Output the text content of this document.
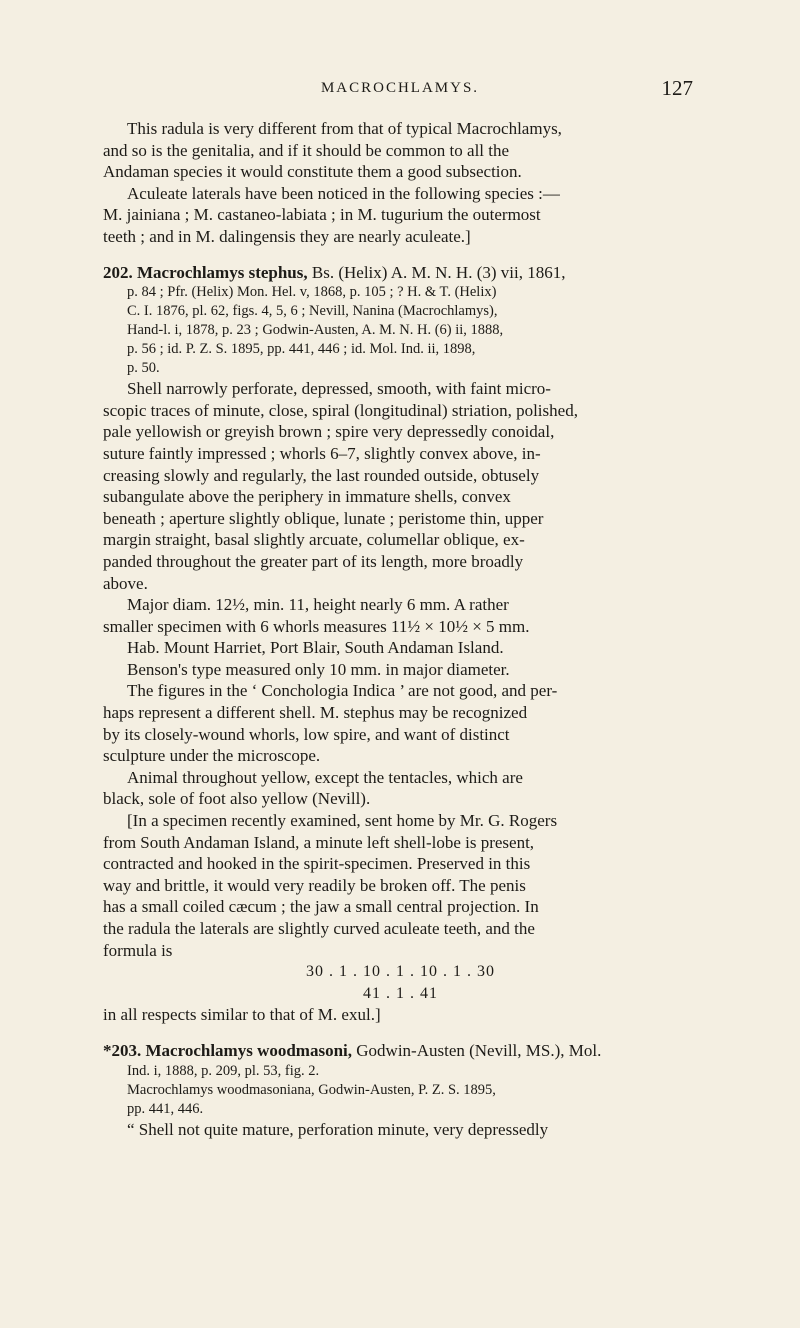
MACROCHLAMYS.	127
This radula is very different from that of typical Macrochlamys,
and so is the genitalia, and if it should be common to all the
Andaman species it would constitute them a good subsection.
Aculeate laterals have been noticed in the following species :—
M. jainiana ; M. castaneo-labiata ; in M. tugurium the outermost
teeth ; and in M. dalingensis they are nearly aculeate.]
202. Macrochlamys stephus, Bs. (Helix) A. M. N. H. (3) vii, 1861,
p. 84 ; Pfr. (Helix) Mon. Hel. v, 1868, p. 105 ; ? H. & T. (Helix)
C. I. 1876, pl. 62, figs. 4, 5, 6 ; Nevill, Nanina (Macrochlamys),
Hand-l. i, 1878, p. 23 ; Godwin-Austen, A. M. N. H. (6) ii, 1888,
p. 56 ; id. P. Z. S. 1895, pp. 441, 446 ; id. Mol. Ind. ii, 1898,
p. 50.
Shell narrowly perforate, depressed, smooth, with faint micro-
scopic traces of minute, close, spiral (longitudinal) striation, polished,
pale yellowish or greyish brown ; spire very depressedly conoidal,
suture faintly impressed ; whorls 6–7, slightly convex above, in-
creasing slowly and regularly, the last rounded outside, obtusely
subangulate above the periphery in immature shells, convex
beneath ; aperture slightly oblique, lunate ; peristome thin, upper
margin straight, basal slightly arcuate, columellar oblique, ex-
panded throughout the greater part of its length, more broadly
above.
Major diam. 12½, min. 11, height nearly 6 mm. A rather
smaller specimen with 6 whorls measures 11½ × 10½ × 5 mm.
Hab. Mount Harriet, Port Blair, South Andaman Island.
Benson's type measured only 10 mm. in major diameter.
The figures in the ‘ Conchologia Indica ’ are not good, and per-
haps represent a different shell. M. stephus may be recognized
by its closely-wound whorls, low spire, and want of distinct
sculpture under the microscope.
Animal throughout yellow, except the tentacles, which are
black, sole of foot also yellow (Nevill).
[In a specimen recently examined, sent home by Mr. G. Rogers
from South Andaman Island, a minute left shell-lobe is present,
contracted and hooked in the spirit-specimen. Preserved in this
way and brittle, it would very readily be broken off. The penis
has a small coiled cæcum ; the jaw a small central projection. In
the radula the laterals are slightly curved aculeate teeth, and the
formula is
30 . 1 . 10 . 1 . 10 . 1 . 30
41 . 1 . 41
in all respects similar to that of M. exul.]
*203. Macrochlamys woodmasoni, Godwin-Austen (Nevill, MS.), Mol.
Ind. i, 1888, p. 209, pl. 53, fig. 2.
Macrochlamys woodmasoniana, Godwin-Austen, P. Z. S. 1895,
pp. 441, 446.
“ Shell not quite mature, perforation minute, very depressedly
